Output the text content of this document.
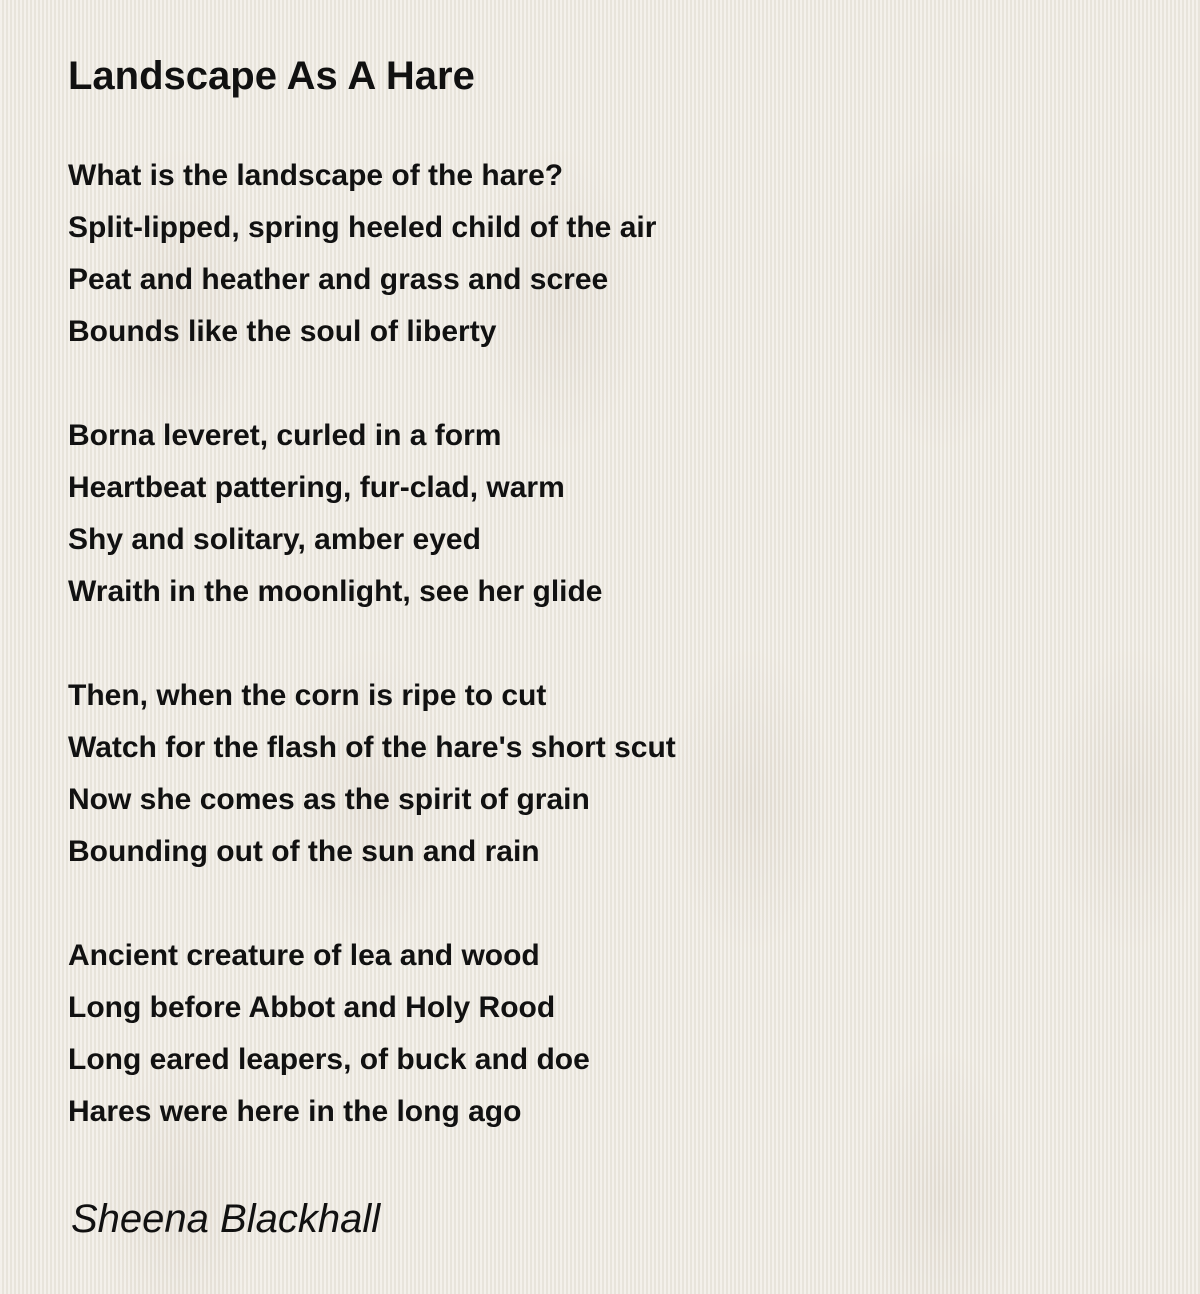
Landscape As A Hare
What is the landscape of the hare?
Split-lipped, spring heeled child of the air
Peat and heather and grass and scree
Bounds like the soul of liberty
Borna leveret, curled in a form
Heartbeat pattering, fur-clad, warm
Shy and solitary, amber eyed
Wraith in the moonlight, see her glide
Then, when the corn is ripe to cut
Watch for the flash of the hare's short scut
Now she comes as the spirit of grain
Bounding out of the sun and rain
Ancient creature of lea and wood
Long before Abbot and Holy Rood
Long eared leapers, of buck and doe
Hares were here in the long ago
Sheena Blackhall
